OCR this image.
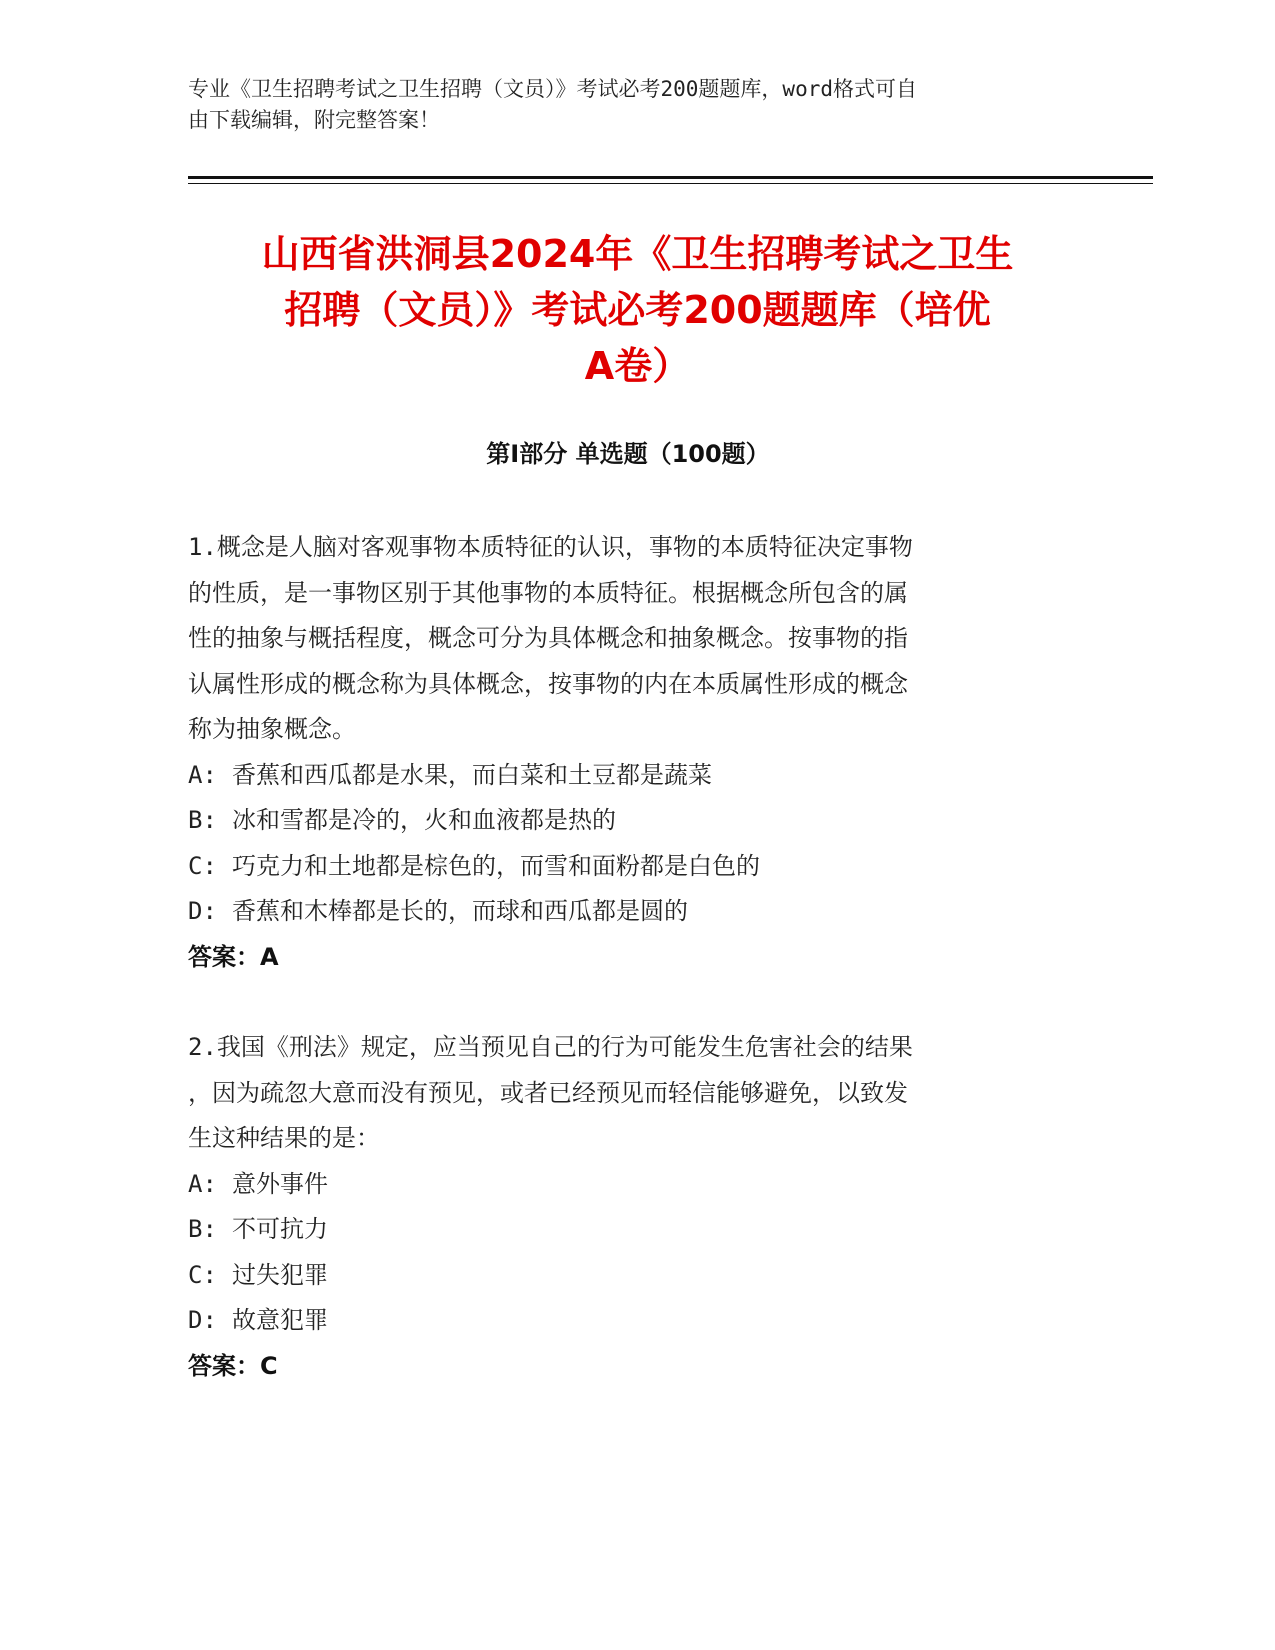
专业《卫生招聘考试之卫生招聘（文员）》考试必考200题题库，word格式可自
由下载编辑，附完整答案！
山西省洪洞县2024年《卫生招聘考试之卫生
招聘（文员）》考试必考200题题库（培优
A卷）
第Ⅰ部分 单选题（100题）

1.概念是人脑对客观事物本质特征的认识，事物的本质特征决定事物

的性质，是一事物区别于其他事物的本质特征。根据概念所包含的属

性的抽象与概括程度，概念可分为具体概念和抽象概念。按事物的指

认属性形成的概念称为具体概念，按事物的内在本质属性形成的概念

称为抽象概念。

A: 香蕉和西瓜都是水果，而白菜和土豆都是蔬菜

B: 冰和雪都是冷的，火和血液都是热的

C: 巧克力和土地都是棕色的，而雪和面粉都是白色的

D: 香蕉和木棒都是长的，而球和西瓜都是圆的

答案：A

2.我国《刑法》规定，应当预见自己的行为可能发生危害社会的结果

，因为疏忽大意而没有预见，或者已经预见而轻信能够避免，以致发

生这种结果的是：

A: 意外事件

B: 不可抗力

C: 过失犯罪

D: 故意犯罪

答案：C
